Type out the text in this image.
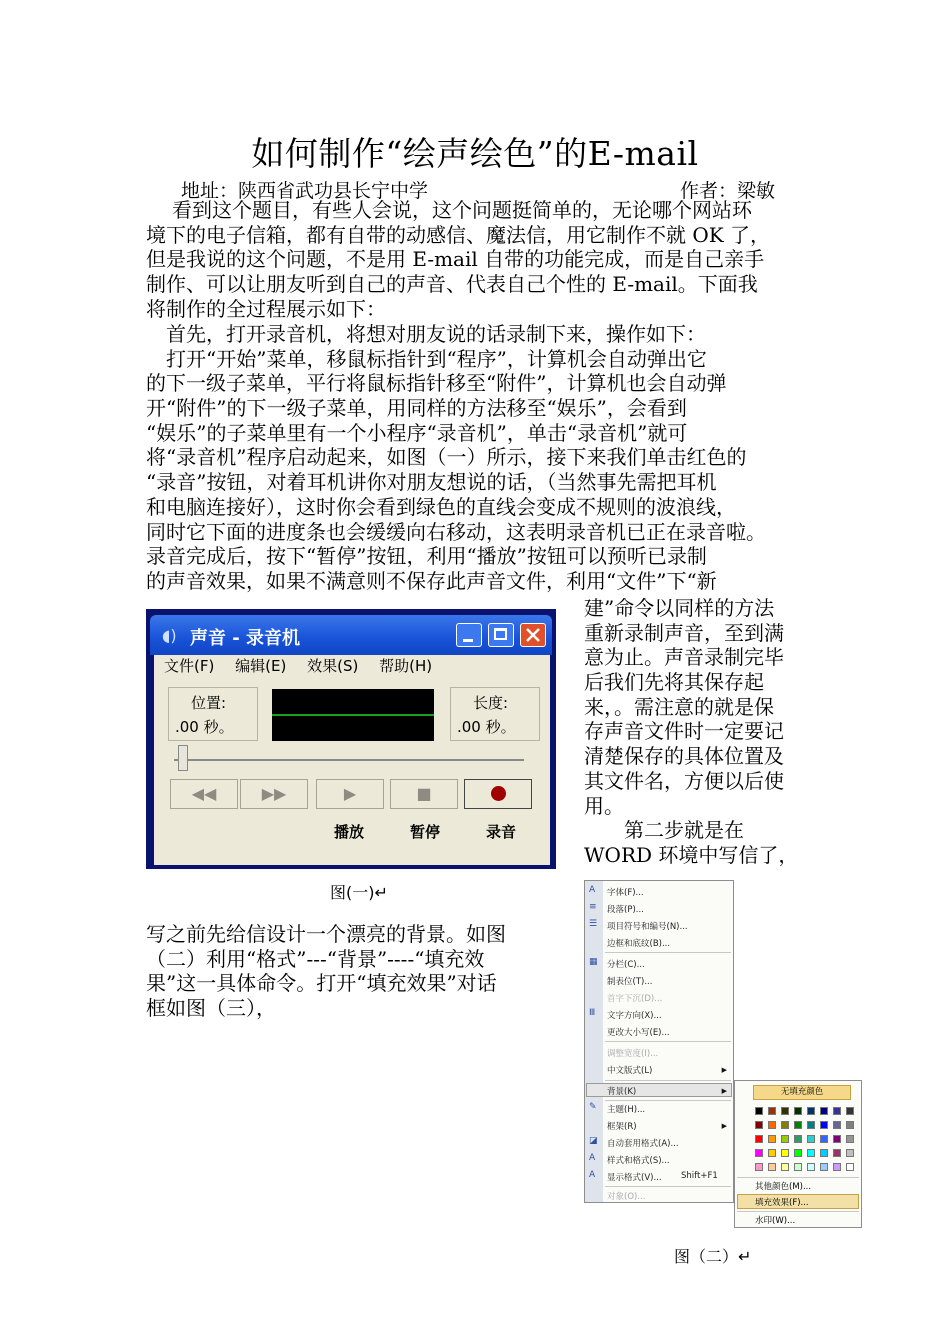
如何制作“绘声绘色”的E-mail
地址：陕西省武功县长宁中学	作者：梁敏
看到这个题目，有些人会说，这个问题挺简单的，无论哪个网站环
境下的电子信箱，都有自带的动感信、魔法信，用它制作不就 OK 了，
但是我说的这个问题，不是用 E-mail 自带的功能完成，而是自己亲手
制作、可以让朋友听到自己的声音、代表自己个性的 E-mail。下面我
将制作的全过程展示如下：
首先，打开录音机，将想对朋友说的话录制下来，操作如下：
打开“开始”菜单，移鼠标指针到“程序”，计算机会自动弹出它
的下一级子菜单，平行将鼠标指针移至“附件”，计算机也会自动弹
开“附件”的下一级子菜单，用同样的方法移至“娱乐”，会看到
“娱乐”的子菜单里有一个小程序“录音机”，单击“录音机”就可
将“录音机”程序启动起来，如图（一）所示，接下来我们单击红色的
“录音”按钮，对着耳机讲你对朋友想说的话，（当然事先需把耳机
和电脑连接好），这时你会看到绿色的直线会变成不规则的波浪线，
同时它下面的进度条也会缓缓向右移动，这表明录音机已正在录音啦。
录音完成后，按下“暂停”按钮，利用“播放”按钮可以预听已录制
的声音效果，如果不满意则不保存此声音文件，利用“文件”下“新
建”命令以同样的方法
重新录制声音，至到满
意为止。声音录制完毕
后我们先将其保存起
来，。需注意的就是保
存声音文件时一定要记
清楚保存的具体位置及
其文件名，方便以后使
用。
　　第二步就是在
WORD 环境中写信了，
◖) 声音 - 录音机
文件(F) 编辑(E) 效果(S) 帮助(H)
位置:
.00 秒。
长度:
.00 秒。
◀◀	▶▶	▶	■
播放	暂停	录音
图(一)↵
写之前先给信设计一个漂亮的背景。如图
（二）利用“格式”---“背景”----“填充效
果”这一具体命令。打开“填充效果”对话
框如图（三），
A 字体(F)...
≡ 段落(P)...
☰ 项目符号和编号(N)...
边框和底纹(B)...
▦ 分栏(C)...
制表位(T)...
首字下沉(D)...
Ⅲ 文字方向(X)...
更改大小写(E)...
调整宽度(I)...
中文版式(L)	▶
背景(K)	▶
✎ 主题(H)...
框架(R)	▶
◪ 自动套用格式(A)...
A 样式和格式(S)...
A 显示格式(V)... Shift+F1
对象(O)...
无填充颜色
其他颜色(M)...
填充效果(F)...
水印(W)...
图（二）↵
